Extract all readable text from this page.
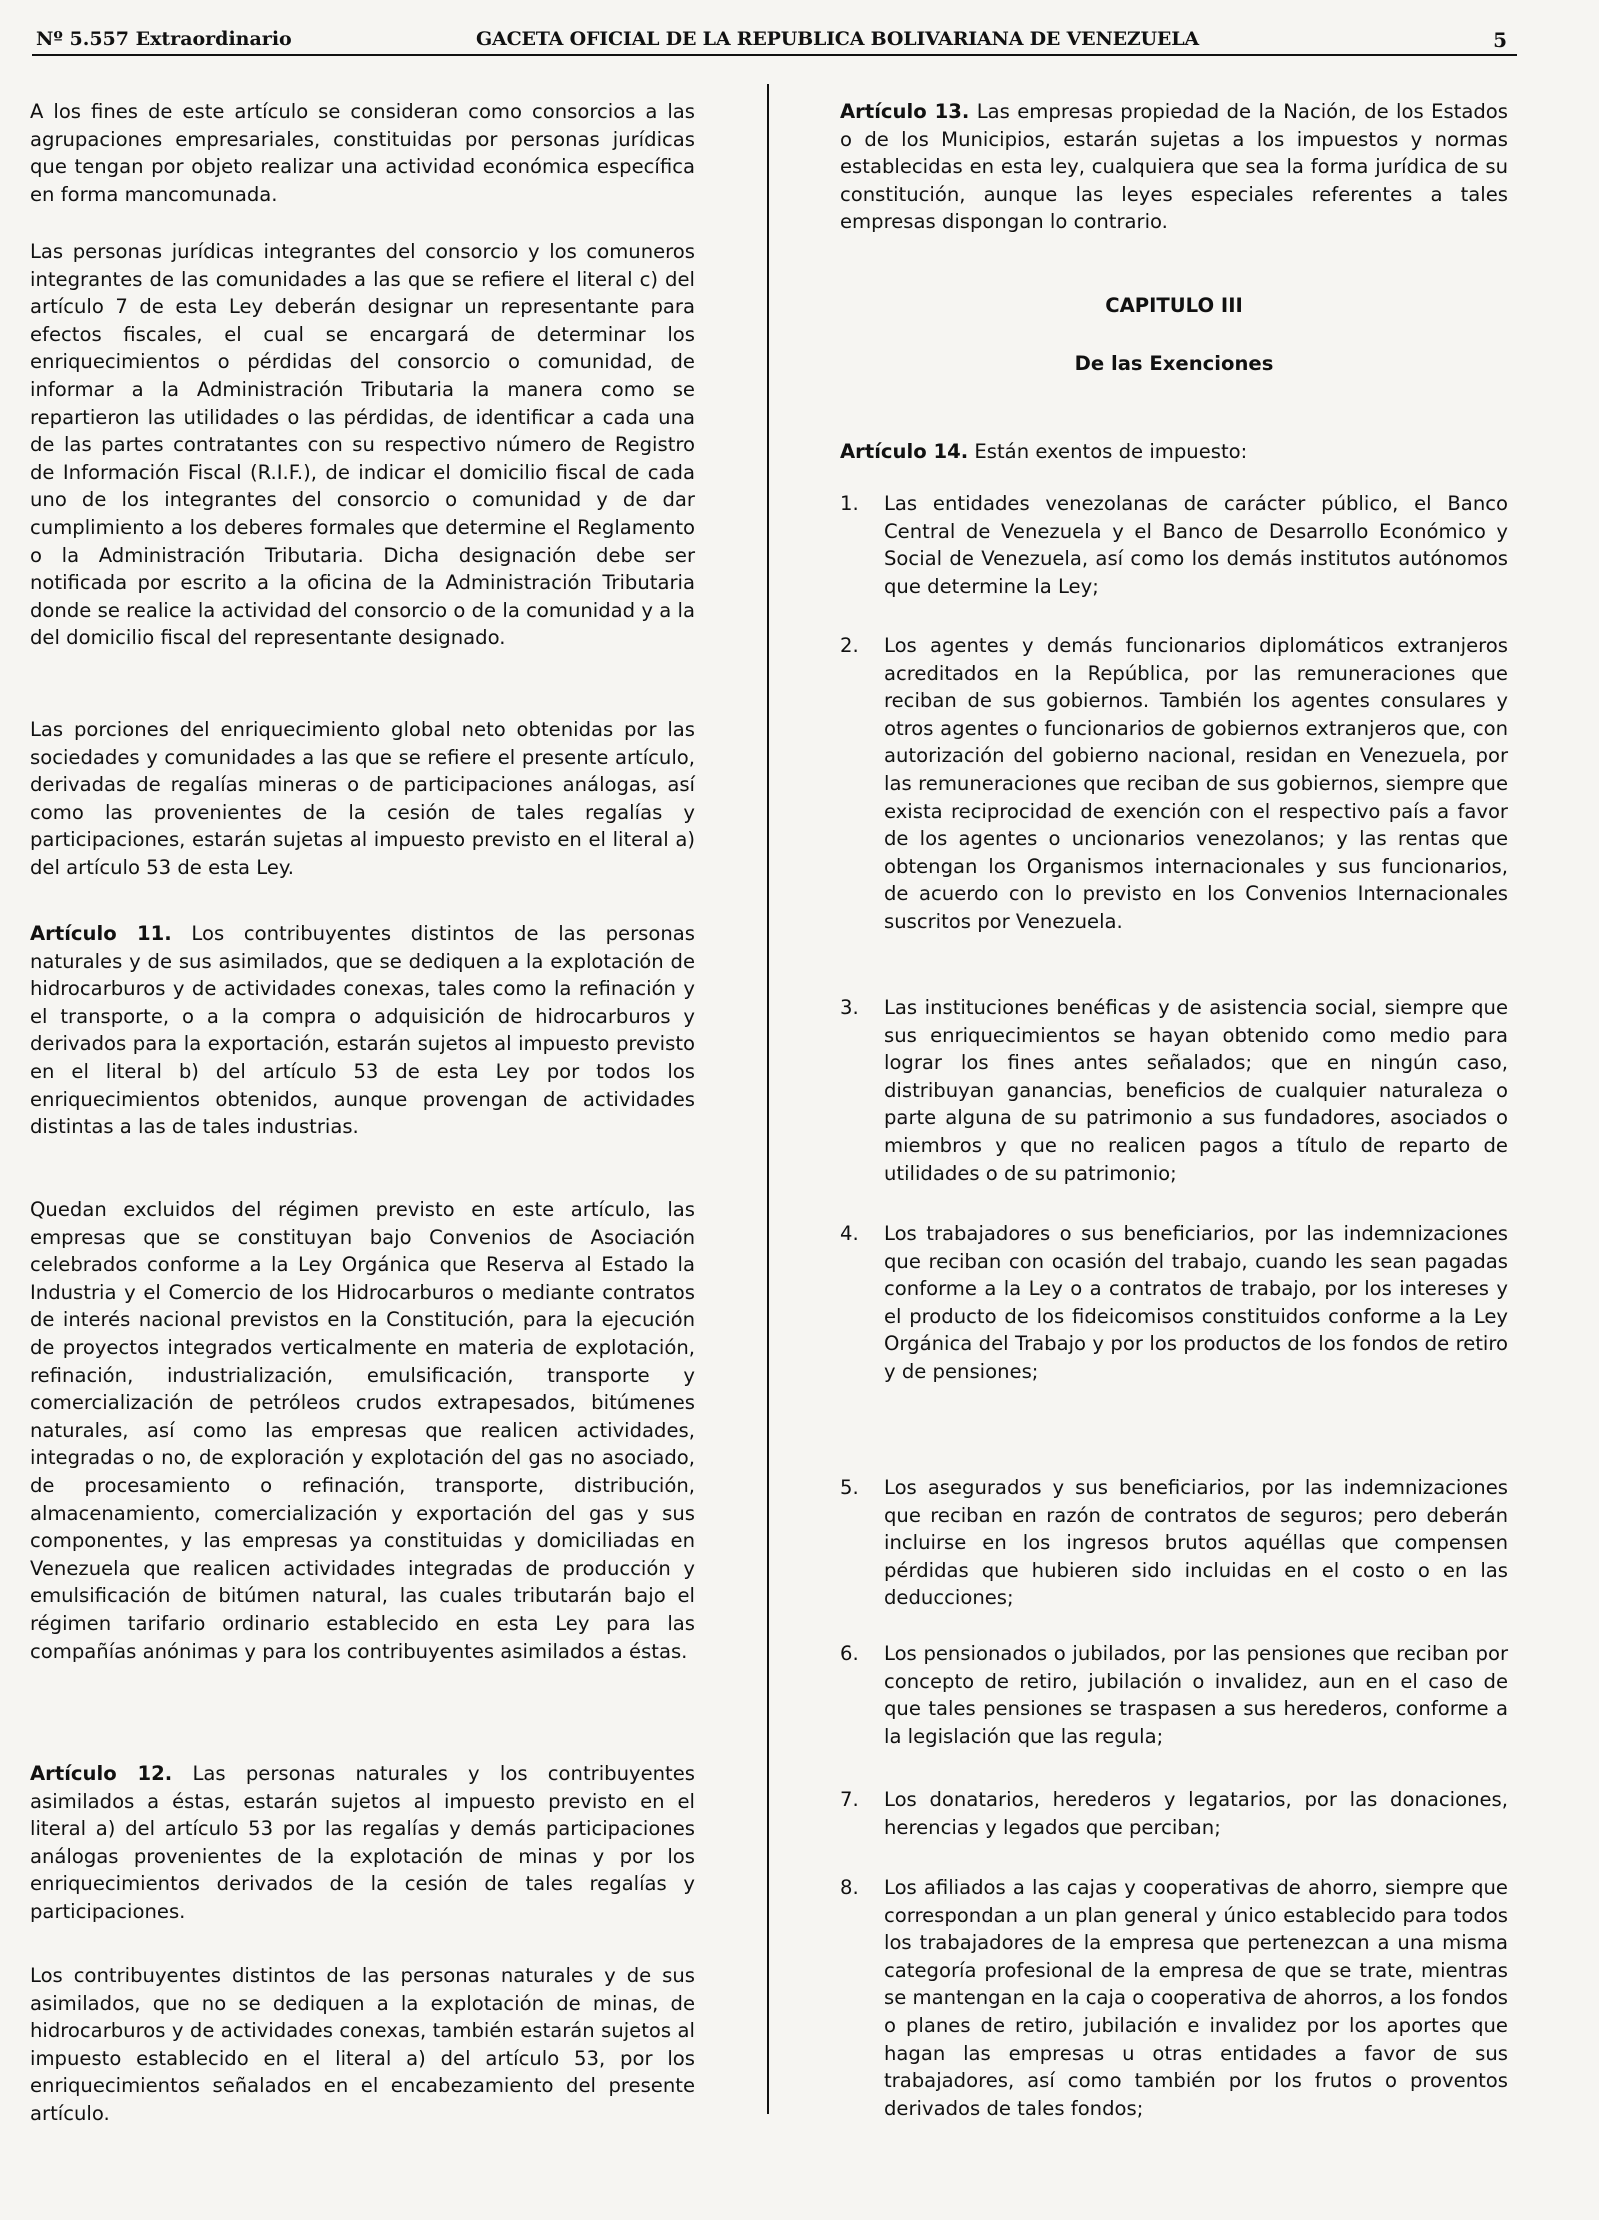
Nº 5.557 Extraordinario	GACETA OFICIAL DE LA REPUBLICA BOLIVARIANA DE VENEZUELA	5

A los fines de este artículo se consideran como consorcios a las agrupaciones empresariales, constituidas por personas jurídicas que tengan por objeto realizar una actividad económica específica en forma mancomunada.

Las personas jurídicas integrantes del consorcio y los comuneros integrantes de las comunidades a las que se refiere el literal c) del artículo 7 de esta Ley deberán designar un representante para efectos fiscales, el cual se encargará de determinar los enriquecimientos o pérdidas del consorcio o comunidad, de informar a la Administración Tributaria la manera como se repartieron las utilidades o las pérdidas, de identificar a cada una de las partes contratantes con su respectivo número de Registro de Información Fiscal (R.I.F.), de indicar el domicilio fiscal de cada uno de los integrantes del consorcio o comunidad y de dar cumplimiento a los deberes formales que determine el Reglamento o la Administración Tributaria. Dicha designación debe ser notificada por escrito a la oficina de la Administración Tributaria donde se realice la actividad del consorcio o de la comunidad y a la del domicilio fiscal del representante designado.

Las porciones del enriquecimiento global neto obtenidas por las sociedades y comunidades a las que se refiere el presente artículo, derivadas de regalías mineras o de participaciones análogas, así como las provenientes de la cesión de tales regalías y participaciones, estarán sujetas al impuesto previsto en el literal a) del artículo 53 de esta Ley.

Artículo 11. Los contribuyentes distintos de las personas naturales y de sus asimilados, que se dediquen a la explotación de hidrocarburos y de actividades conexas, tales como la refinación y el transporte, o a la compra o adquisición de hidrocarburos y derivados para la exportación, estarán sujetos al impuesto previsto en el literal b) del artículo 53 de esta Ley por todos los enriquecimientos obtenidos, aunque provengan de actividades distintas a las de tales industrias.

Quedan excluidos del régimen previsto en este artículo, las empresas que se constituyan bajo Convenios de Asociación celebrados conforme a la Ley Orgánica que Reserva al Estado la Industria y el Comercio de los Hidrocarburos o mediante contratos de interés nacional previstos en la Constitución, para la ejecución de proyectos integrados verticalmente en materia de explotación, refinación, industrialización, emulsificación, transporte y comercialización de petróleos crudos extrapesados, bitúmenes naturales, así como las empresas que realicen actividades, integradas o no, de exploración y explotación del gas no asociado, de procesamiento o refinación, transporte, distribución, almacenamiento, comercialización y exportación del gas y sus componentes, y las empresas ya constituidas y domiciliadas en Venezuela que realicen actividades integradas de producción y emulsificación de bitúmen natural, las cuales tributarán bajo el régimen tarifario ordinario establecido en esta Ley para las compañías anónimas y para los contribuyentes asimilados a éstas.

Artículo 12. Las personas naturales y los contribuyentes asimilados a éstas, estarán sujetos al impuesto previsto en el literal a) del artículo 53 por las regalías y demás participaciones análogas provenientes de la explotación de minas y por los enriquecimientos derivados de la cesión de tales regalías y participaciones.

Los contribuyentes distintos de las personas naturales y de sus asimilados, que no se dediquen a la explotación de minas, de hidrocarburos y de actividades conexas, también estarán sujetos al impuesto establecido en el literal a) del artículo 53, por los enriquecimientos señalados en el encabezamiento del presente artículo.

Artículo 13. Las empresas propiedad de la Nación, de los Estados o de los Municipios, estarán sujetas a los impuestos y normas establecidas en esta ley, cualquiera que sea la forma jurídica de su constitución, aunque las leyes especiales referentes a tales empresas dispongan lo contrario.

CAPITULO III
De las Exenciones

Artículo 14. Están exentos de impuesto:

1.	Las entidades venezolanas de carácter público, el Banco Central de Venezuela y el Banco de Desarrollo Económico y Social de Venezuela, así como los demás institutos autónomos que determine la Ley;

2.	Los agentes y demás funcionarios diplomáticos extranjeros acreditados en la República, por las remuneraciones que reciban de sus gobiernos. También los agentes consulares y otros agentes o funcionarios de gobiernos extranjeros que, con autorización del gobierno nacional, residan en Venezuela, por las remuneraciones que reciban de sus gobiernos, siempre que exista reciprocidad de exención con el respectivo país a favor de los agentes o uncionarios venezolanos; y las rentas que obtengan los Organismos internacionales y sus funcionarios, de acuerdo con lo previsto en los Convenios Internacionales suscritos por Venezuela.

3.	Las instituciones benéficas y de asistencia social, siempre que sus enriquecimientos se hayan obtenido como medio para lograr los fines antes señalados; que en ningún caso, distribuyan ganancias, beneficios de cualquier naturaleza o parte alguna de su patrimonio a sus fundadores, asociados o miembros y que no realicen pagos a título de reparto de utilidades o de su patrimonio;

4.	Los trabajadores o sus beneficiarios, por las indemnizaciones que reciban con ocasión del trabajo, cuando les sean pagadas conforme a la Ley o a contratos de trabajo, por los intereses y el producto de los fideicomisos constituidos conforme a la Ley Orgánica del Trabajo y por los productos de los fondos de retiro y de pensiones;

5.	Los asegurados y sus beneficiarios, por las indemnizaciones que reciban en razón de contratos de seguros; pero deberán incluirse en los ingresos brutos aquéllas que compensen pérdidas que hubieren sido incluidas en el costo o en las deducciones;

6.	Los pensionados o jubilados, por las pensiones que reciban por concepto de retiro, jubilación o invalidez, aun en el caso de que tales pensiones se traspasen a sus herederos, conforme a la legislación que las regula;

7.	Los donatarios, herederos y legatarios, por las donaciones, herencias y legados que perciban;

8.	Los afiliados a las cajas y cooperativas de ahorro, siempre que correspondan a un plan general y único establecido para todos los trabajadores de la empresa que pertenezcan a una misma categoría profesional de la empresa de que se trate, mientras se mantengan en la caja o cooperativa de ahorros, a los fondos o planes de retiro, jubilación e invalidez por los aportes que hagan las empresas u otras entidades a favor de sus trabajadores, así como también por los frutos o proventos derivados de tales fondos;
